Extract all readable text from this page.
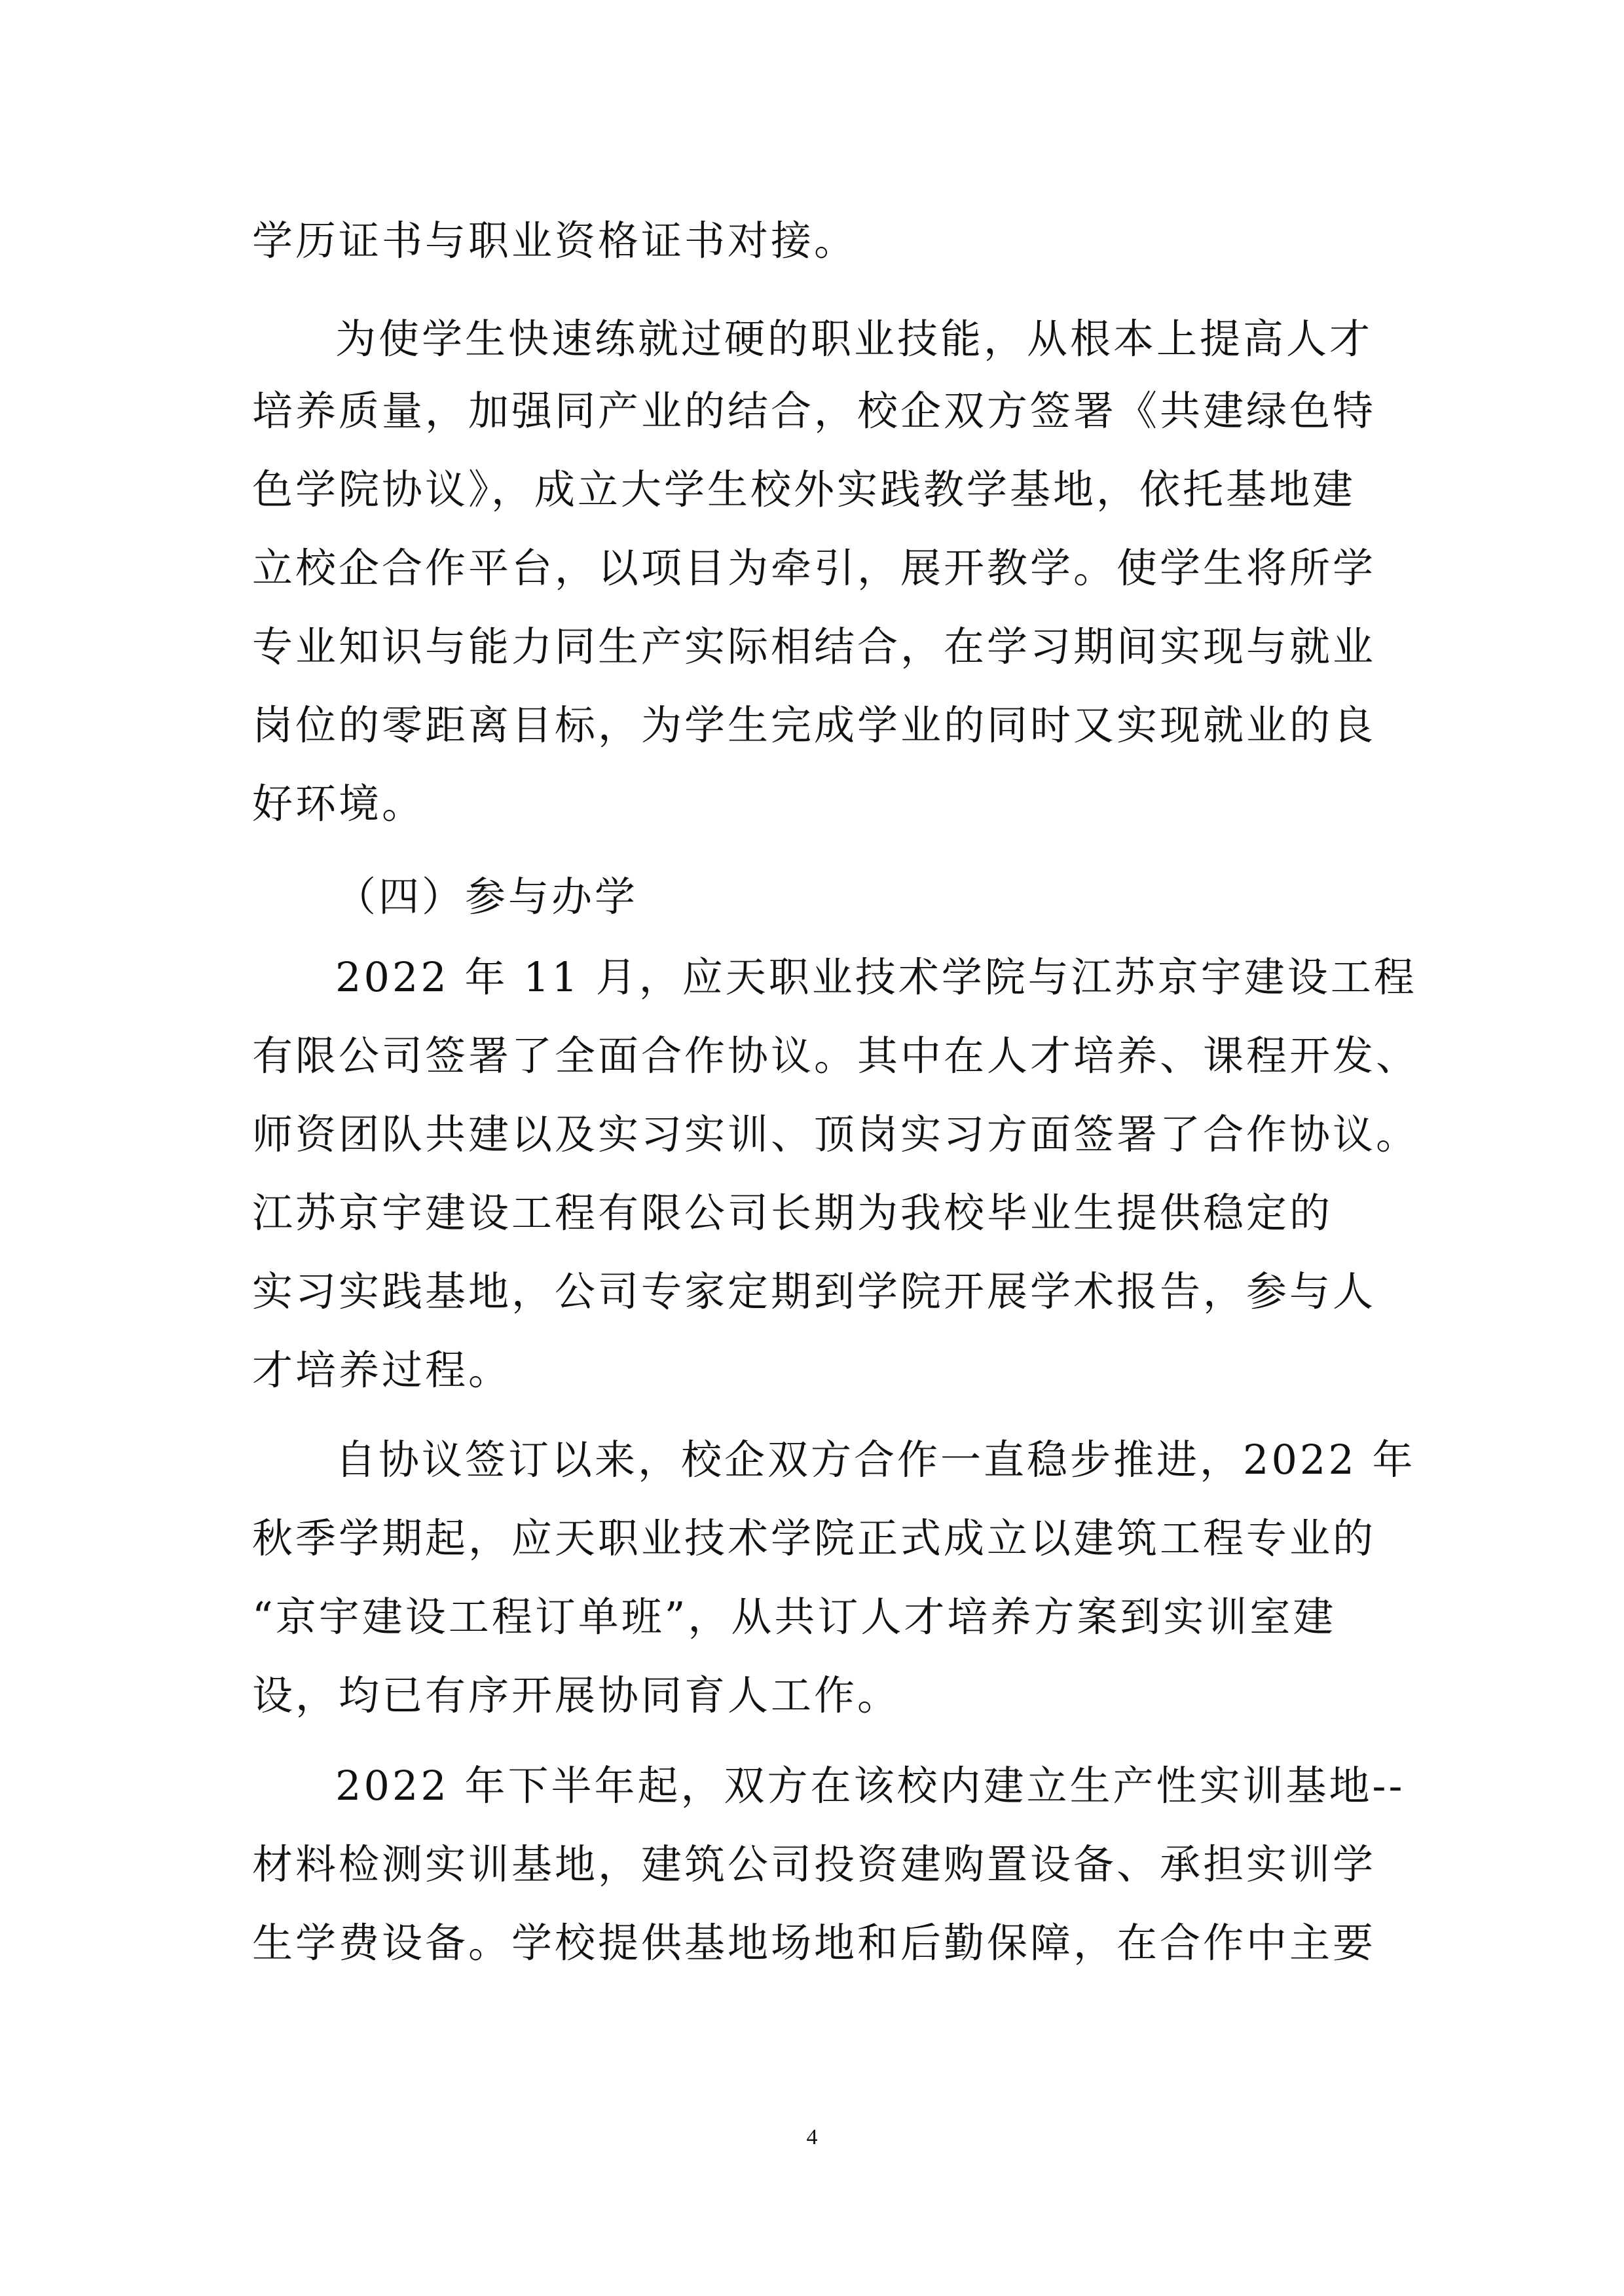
学历证书与职业资格证书对接。
为使学生快速练就过硬的职业技能，从根本上提高人才
培养质量，加强同产业的结合，校企双方签署《共建绿色特
色学院协议》，成立大学生校外实践教学基地，依托基地建
立校企合作平台，以项目为牵引，展开教学。使学生将所学
专业知识与能力同生产实际相结合，在学习期间实现与就业
岗位的零距离目标，为学生完成学业的同时又实现就业的良
好环境。
（四）参与办学
2022 年 11 月，应天职业技术学院与江苏京宇建设工程
有限公司签署了全面合作协议。其中在人才培养、课程开发、
师资团队共建以及实习实训、顶岗实习方面签署了合作协议。
江苏京宇建设工程有限公司长期为我校毕业生提供稳定的
实习实践基地，公司专家定期到学院开展学术报告，参与人
才培养过程。
自协议签订以来，校企双方合作一直稳步推进，2022 年
秋季学期起，应天职业技术学院正式成立以建筑工程专业的
“京宇建设工程订单班”，从共订人才培养方案到实训室建
设，均已有序开展协同育人工作。
2022 年下半年起，双方在该校内建立生产性实训基地--
材料检测实训基地，建筑公司投资建购置设备、承担实训学
生学费设备。学校提供基地场地和后勤保障，在合作中主要
4
